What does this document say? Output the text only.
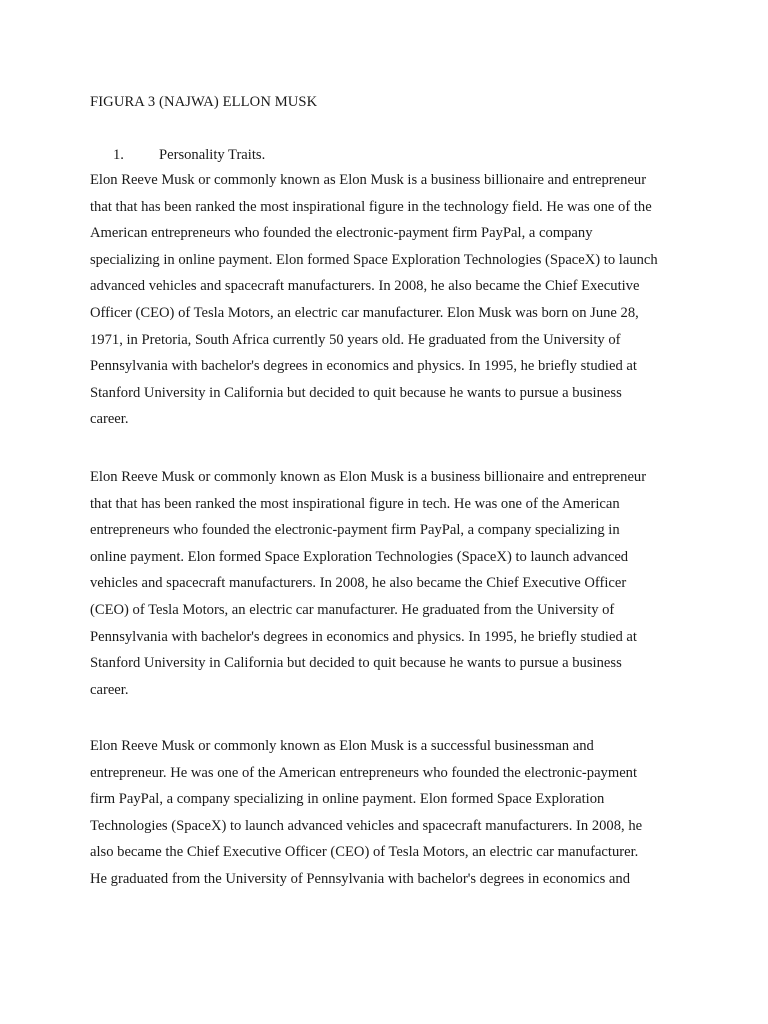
FIGURA 3 (NAJWA) ELLON MUSK
1. Personality Traits.
Elon Reeve Musk or commonly known as Elon Musk is a business billionaire and entrepreneur
that that has been ranked the most inspirational figure in the technology field. He was one of the
American entrepreneurs who founded the electronic-payment firm PayPal, a company
specializing in online payment. Elon formed Space Exploration Technologies (SpaceX) to launch
advanced vehicles and spacecraft manufacturers. In 2008, he also became the Chief Executive
Officer (CEO) of Tesla Motors, an electric car manufacturer. Elon Musk was born on June 28,
1971, in Pretoria, South Africa currently 50 years old. He graduated from the University of
Pennsylvania with bachelor's degrees in economics and physics. In 1995, he briefly studied at
Stanford University in California but decided to quit because he wants to pursue a business
career.
Elon Reeve Musk or commonly known as Elon Musk is a business billionaire and entrepreneur
that that has been ranked the most inspirational figure in tech. He was one of the American
entrepreneurs who founded the electronic-payment firm PayPal, a company specializing in
online payment. Elon formed Space Exploration Technologies (SpaceX) to launch advanced
vehicles and spacecraft manufacturers. In 2008, he also became the Chief Executive Officer
(CEO) of Tesla Motors, an electric car manufacturer. He graduated from the University of
Pennsylvania with bachelor's degrees in economics and physics. In 1995, he briefly studied at
Stanford University in California but decided to quit because he wants to pursue a business
career.
Elon Reeve Musk or commonly known as Elon Musk is a successful businessman and
entrepreneur. He was one of the American entrepreneurs who founded the electronic-payment
firm PayPal, a company specializing in online payment. Elon formed Space Exploration
Technologies (SpaceX) to launch advanced vehicles and spacecraft manufacturers. In 2008, he
also became the Chief Executive Officer (CEO) of Tesla Motors, an electric car manufacturer.
He graduated from the University of Pennsylvania with bachelor's degrees in economics and
